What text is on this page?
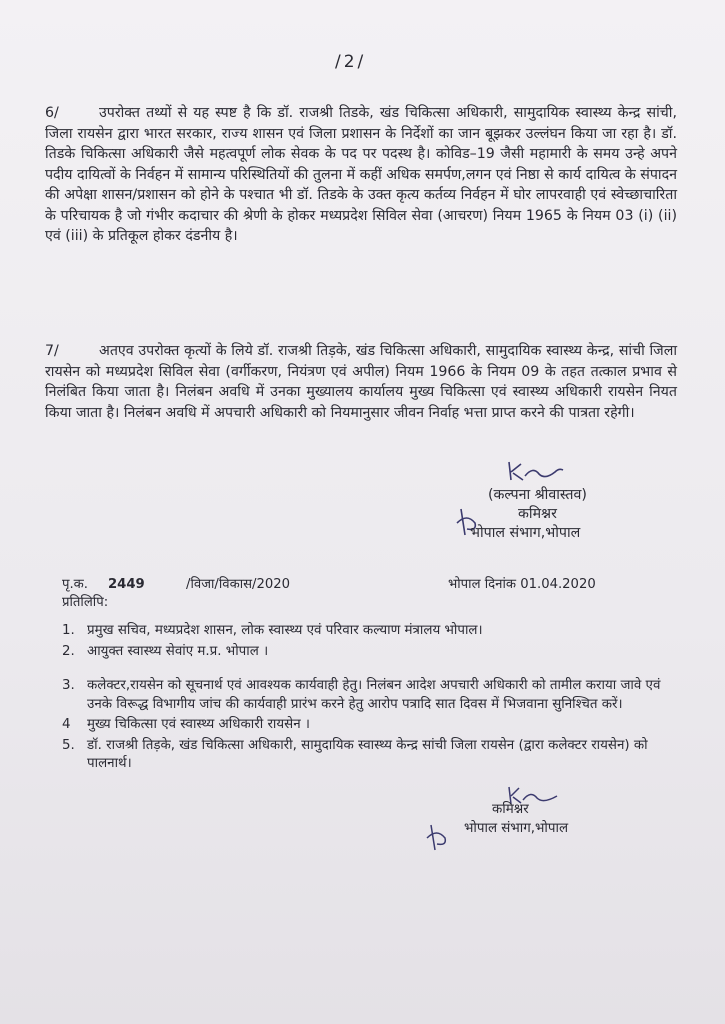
/2/
6/	उपरोक्त तथ्यों से यह स्पष्ट है कि डॉ. राजश्री तिडके, खंड चिकित्सा अधिकारी, सामुदायिक स्वास्थ्य केन्द्र सांची, जिला रायसेन द्वारा भारत सरकार, राज्य शासन एवं जिला प्रशासन के निर्देशों का जान बूझकर उल्लंघन किया जा रहा है। डॉ. तिडके चिकित्सा अधिकारी जैसे महत्वपूर्ण लोक सेवक के पद पर पदस्थ है। कोविड–19 जैसी महामारी के समय उन्हे अपने पदीय दायित्वों के निर्वहन में सामान्य परिस्थितियों की तुलना में कहीं अधिक समर्पण,लगन एवं निष्ठा से कार्य दायित्व के संपादन की अपेक्षा शासन/प्रशासन को होने के पश्चात भी डॉ. तिडके के उक्त कृत्य कर्तव्य निर्वहन में घोर लापरवाही एवं स्वेच्छाचारिता के परिचायक है जो गंभीर कदाचार की श्रेणी के होकर मध्यप्रदेश सिविल सेवा (आचरण) नियम 1965 के नियम 03 (i) (ii) एवं (iii) के प्रतिकूल होकर दंडनीय है।
7/	अतएव उपरोक्त कृत्यों के लिये डॉ. राजश्री तिड़के, खंड चिकित्सा अधिकारी, सामुदायिक स्वास्थ्य केन्द्र, सांची जिला रायसेन को मध्यप्रदेश सिविल सेवा (वर्गीकरण, नियंत्रण एवं अपील) नियम 1966 के नियम 09 के तहत तत्काल प्रभाव से निलंबित किया जाता है। निलंबन अवधि में उनका मुख्यालय कार्यालय मुख्य चिकित्सा एवं स्वास्थ्य अधिकारी रायसेन नियत किया जाता है। निलंबन अवधि में अपचारी अधिकारी को नियमानुसार जीवन निर्वाह भत्ता प्राप्त करने की पात्रता रहेगी।
(कल्पना श्रीवास्तव)
कमिश्नर
भोपाल संभाग,भोपाल
पृ.क. 2449	/विजा/विकास/2020	भोपाल दिनांक 01.04.2020
प्रतिलिपि:
1. प्रमुख सचिव, मध्यप्रदेश शासन, लोक स्वास्थ्य एवं परिवार कल्याण मंत्रालय भोपाल।
2. आयुक्त स्वास्थ्य सेवांए म.प्र. भोपाल ।
3. कलेक्टर,रायसेन को सूचनार्थ एवं आवश्यक कार्यवाही हेतु। निलंबन आदेश अपचारी अधिकारी को तामील कराया जावे एवं उनके विरूद्ध विभागीय जांच की कार्यवाही प्रारंभ करने हेतु आरोप पत्रादि सात दिवस में भिजवाना सुनिश्चित करें।
4 मुख्य चिकित्सा एवं स्वास्थ्य अधिकारी रायसेन ।
5. डॉ. राजश्री तिड़के, खंड चिकित्सा अधिकारी, सामुदायिक स्वास्थ्य केन्द्र सांची जिला रायसेन (द्वारा कलेक्टर रायसेन) को पालनार्थ।
कमिश्नर
भोपाल संभाग,भोपाल
